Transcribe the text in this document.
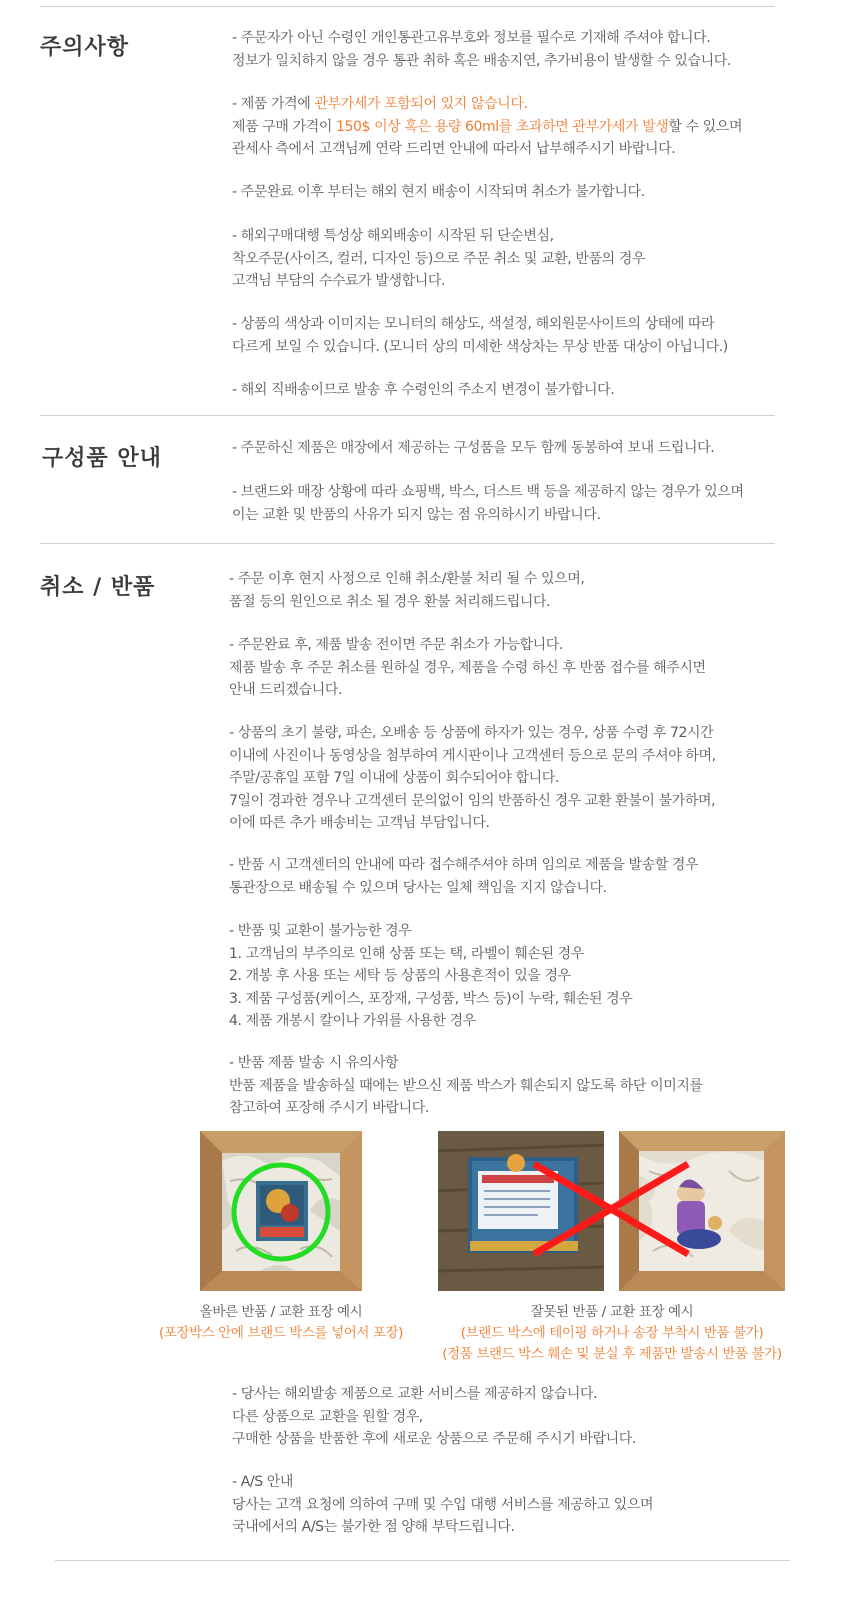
주의사항	- 주문자가 아닌 수령인 개인통관고유부호와 정보를 필수로 기재해 주셔야 합니다.
정보가 일치하지 않을 경우 통관 취하 혹은 배송지연, 추가비용이 발생할 수 있습니다.
- 제품 가격에 관부가세가 포함되어 있지 않습니다.
제품 구매 가격이 150$ 이상 혹은 용량 60ml를 초과하면 관부가세가 발생할 수 있으며
관세사 측에서 고객님께 연락 드리면 안내에 따라서 납부해주시기 바랍니다.
- 주문완료 이후 부터는 해외 현지 배송이 시작되며 취소가 불가합니다.
- 해외구매대행 특성상 해외배송이 시작된 뒤 단순변심,
착오주문(사이즈, 컬러, 디자인 등)으로 주문 취소 및 교환, 반품의 경우
고객님 부담의 수수료가 발생합니다.
- 상품의 색상과 이미지는 모니터의 해상도, 색설정, 해외원문사이트의 상태에 따라
다르게 보일 수 있습니다. (모니터 상의 미세한 색상차는 무상 반품 대상이 아닙니다.)
- 해외 직배송이므로 발송 후 수령인의 주소지 변경이 불가합니다.
구성품 안내	- 주문하신 제품은 매장에서 제공하는 구성품을 모두 함께 동봉하여 보내 드립니다.
- 브랜드와 매장 상황에 따라 쇼핑백, 박스, 더스트 백 등을 제공하지 않는 경우가 있으며
이는 교환 및 반품의 사유가 되지 않는 점 유의하시기 바랍니다.
취소 / 반품	- 주문 이후 현지 사정으로 인해 취소/환불 처리 될 수 있으며,
품절 등의 원인으로 취소 될 경우 환불 처리해드립니다.
- 주문완료 후, 제품 발송 전이면 주문 취소가 가능합니다.
제품 발송 후 주문 취소를 원하실 경우, 제품을 수령 하신 후 반품 접수를 해주시면
안내 드리겠습니다.
- 상품의 초기 불량, 파손, 오배송 등 상품에 하자가 있는 경우, 상품 수령 후 72시간
이내에 사진이나 동영상을 첨부하여 게시판이나 고객센터 등으로 문의 주셔야 하며,
주말/공휴일 포함 7일 이내에 상품이 회수되어야 합니다.
7일이 경과한 경우나 고객센터 문의없이 임의 반품하신 경우 교환 환불이 불가하며,
이에 따른 추가 배송비는 고객님 부담입니다.
- 반품 시 고객센터의 안내에 따라 접수해주셔야 하며 임의로 제품을 발송할 경우
통관장으로 배송될 수 있으며 당사는 일체 책임을 지지 않습니다.
- 반품 및 교환이 불가능한 경우
1. 고객님의 부주의로 인해 상품 또는 택, 라벨이 훼손된 경우
2. 개봉 후 사용 또는 세탁 등 상품의 사용흔적이 있을 경우
3. 제품 구성품(케이스, 포장재, 구성품, 박스 등)이 누락, 훼손된 경우
4. 제품 개봉시 칼이나 가위를 사용한 경우
- 반품 제품 발송 시 유의사항
반품 제품을 발송하실 때에는 받으신 제품 박스가 훼손되지 않도록 하단 이미지를
참고하여 포장해 주시기 바랍니다.
올바른 반품 / 교환 표장 예시
(포장박스 안에 브랜드 박스를 넣어서 포장)
잘못된 반품 / 교환 표장 예시
(브랜드 박스에 테이핑 하거나 송장 부착시 반품 불가)
(정품 브랜드 박스 훼손 및 분실 후 제품만 발송시 반품 불가)
- 당사는 해외발송 제품으로 교환 서비스를 제공하지 않습니다.
다른 상품으로 교환을 원할 경우,
구매한 상품을 반품한 후에 새로운 상품으로 주문해 주시기 바랍니다.
- A/S 안내
당사는 고객 요청에 의하여 구매 및 수입 대행 서비스를 제공하고 있으며
국내에서의 A/S는 불가한 점 양해 부탁드립니다.
